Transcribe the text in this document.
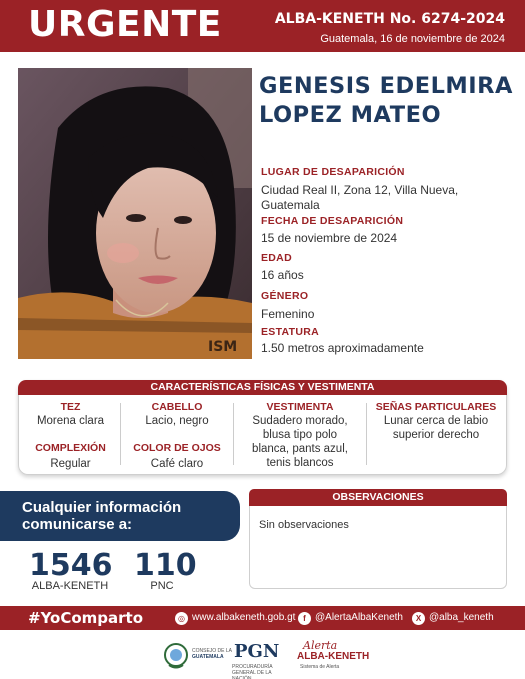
URGENTE	ALBA-KENETH No. 6274-2024
Guatemala, 16 de noviembre de 2024
ISM
GENESIS EDELMIRA
LOPEZ MATEO
LUGAR DE DESAPARICIÓN
Ciudad Real II, Zona 12, Villa Nueva,
Guatemala
FECHA DE DESAPARICIÓN
15 de noviembre de 2024
EDAD
16 años
GÉNERO
Femenino
ESTATURA
1.50 metros aproximadamente
CARACTERÍSTICAS FÍSICAS Y VESTIMENTA
TEZ
Morena clara
COMPLEXIÓN
Regular
CABELLO
Lacio, negro
COLOR DE OJOS
Café claro
VESTIMENTA
Sudadero morado,
blusa tipo polo
blanca, pants azul,
tenis blancos
SEÑAS PARTICULARES
Lunar cerca de labio
superior derecho
Cualquier información
comunicarse a:
1546
ALBA-KENETH
110
PNC
OBSERVACIONES
Sin observaciones
#YoComparto	◎ www.albakeneth.gob.gt f @AlertaAlbaKeneth	X @alba_keneth
CONSEJO DE LA
GUATEMALA PGN
PROCURADURÍA GENERAL DE LA NACIÓN
Alerta
ALBA-KENETH
Sistema de Alerta
